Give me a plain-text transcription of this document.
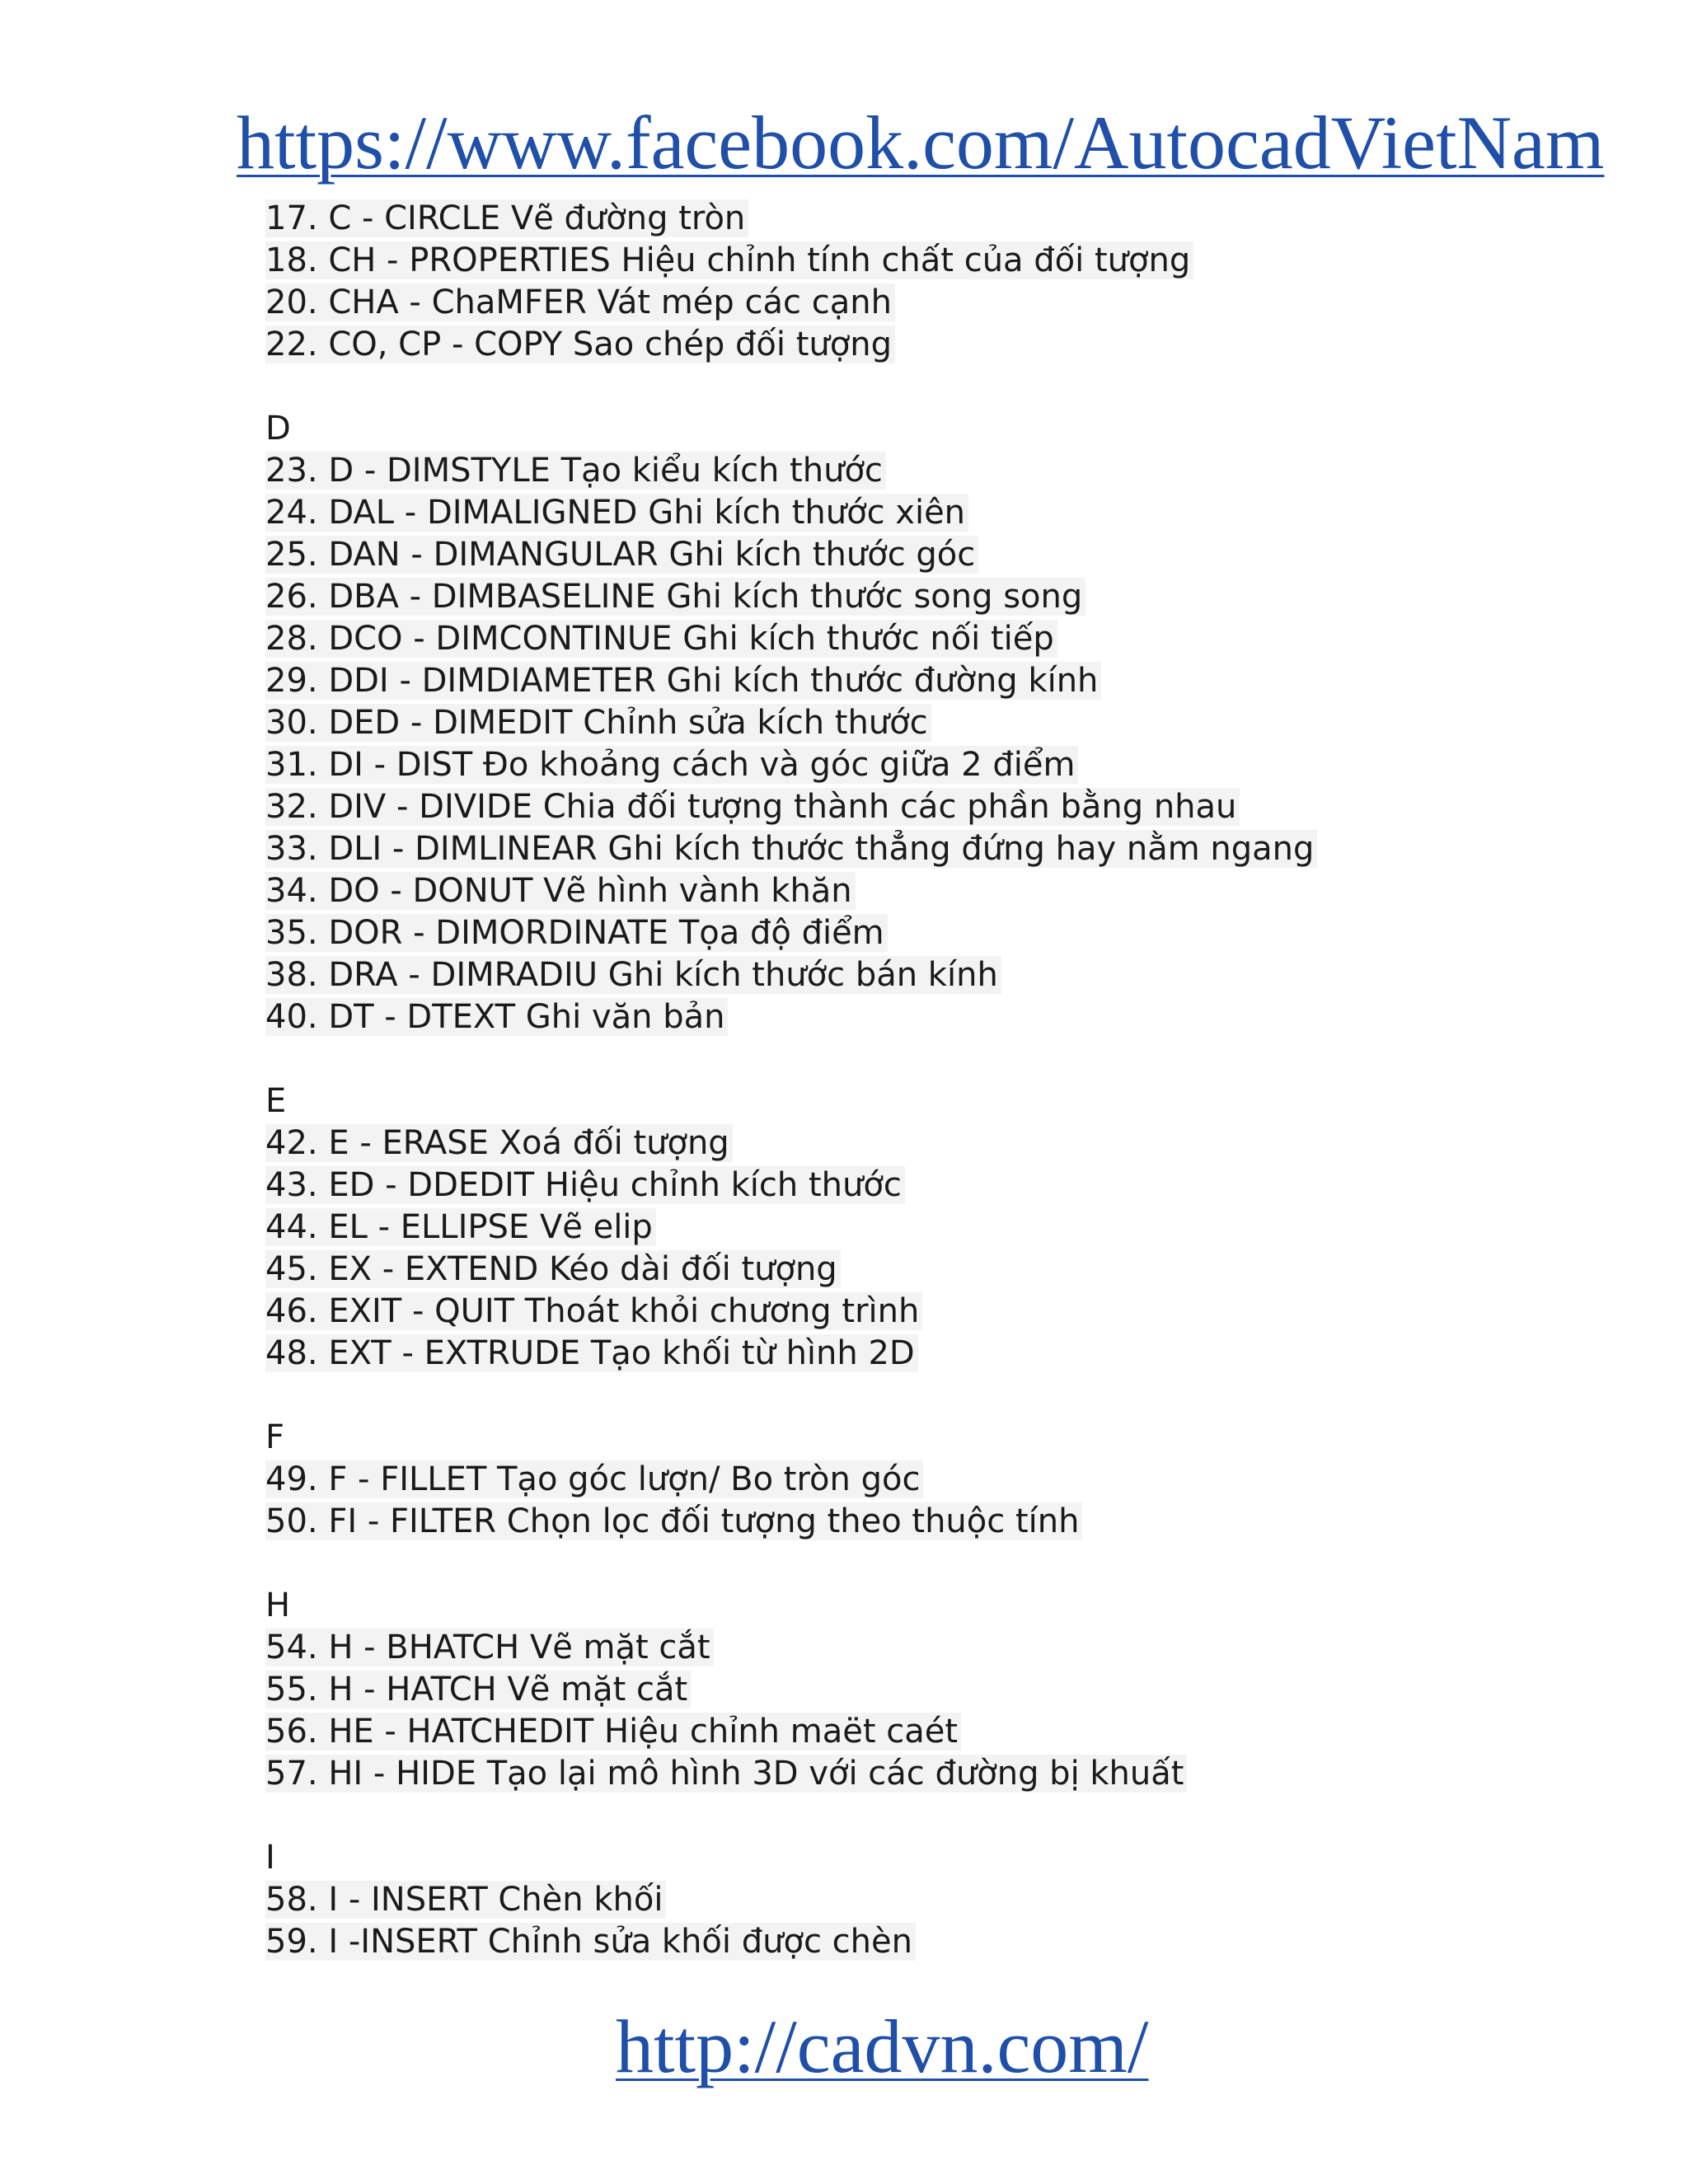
https://www.facebook.com/AutocadVietNam
17. C - CIRCLE Vẽ đường tròn
18. CH - PROPERTIES Hiệu chỉnh tính chất của đối tượng
20. CHA - ChaMFER Vát mép các cạnh
22. CO, CP - COPY Sao chép đối tượng
D
23. D - DIMSTYLE Tạo kiểu kích thước
24. DAL - DIMALIGNED Ghi kích thước xiên
25. DAN - DIMANGULAR Ghi kích thước góc
26. DBA - DIMBASELINE Ghi kích thước song song
28. DCO - DIMCONTINUE Ghi kích thước nối tiếp
29. DDI - DIMDIAMETER Ghi kích thước đường kính
30. DED - DIMEDIT Chỉnh sửa kích thước
31. DI - DIST Đo khoảng cách và góc giữa 2 điểm
32. DIV - DIVIDE Chia đối tượng thành các phần bằng nhau
33. DLI - DIMLINEAR Ghi kích thước thẳng đứng hay nằm ngang
34. DO - DONUT Vẽ hình vành khăn
35. DOR - DIMORDINATE Tọa độ điểm
38. DRA - DIMRADIU Ghi kích thước bán kính
40. DT - DTEXT Ghi văn bản
E
42. E - ERASE Xoá đối tượng
43. ED - DDEDIT Hiệu chỉnh kích thước
44. EL - ELLIPSE Vẽ elip
45. EX - EXTEND Kéo dài đối tượng
46. EXIT - QUIT Thoát khỏi chương trình
48. EXT - EXTRUDE Tạo khối từ hình 2D
F
49. F - FILLET Tạo góc lượn/ Bo tròn góc
50. FI - FILTER Chọn lọc đối tượng theo thuộc tính
H
54. H - BHATCH Vẽ mặt cắt
55. H - HATCH Vẽ mặt cắt
56. HE - HATCHEDIT Hiệu chỉnh maët caét
57. HI - HIDE Tạo lại mô hình 3D với các đường bị khuất
I
58. I - INSERT Chèn khối
59. I -INSERT Chỉnh sửa khối được chèn
http://cadvn.com/
